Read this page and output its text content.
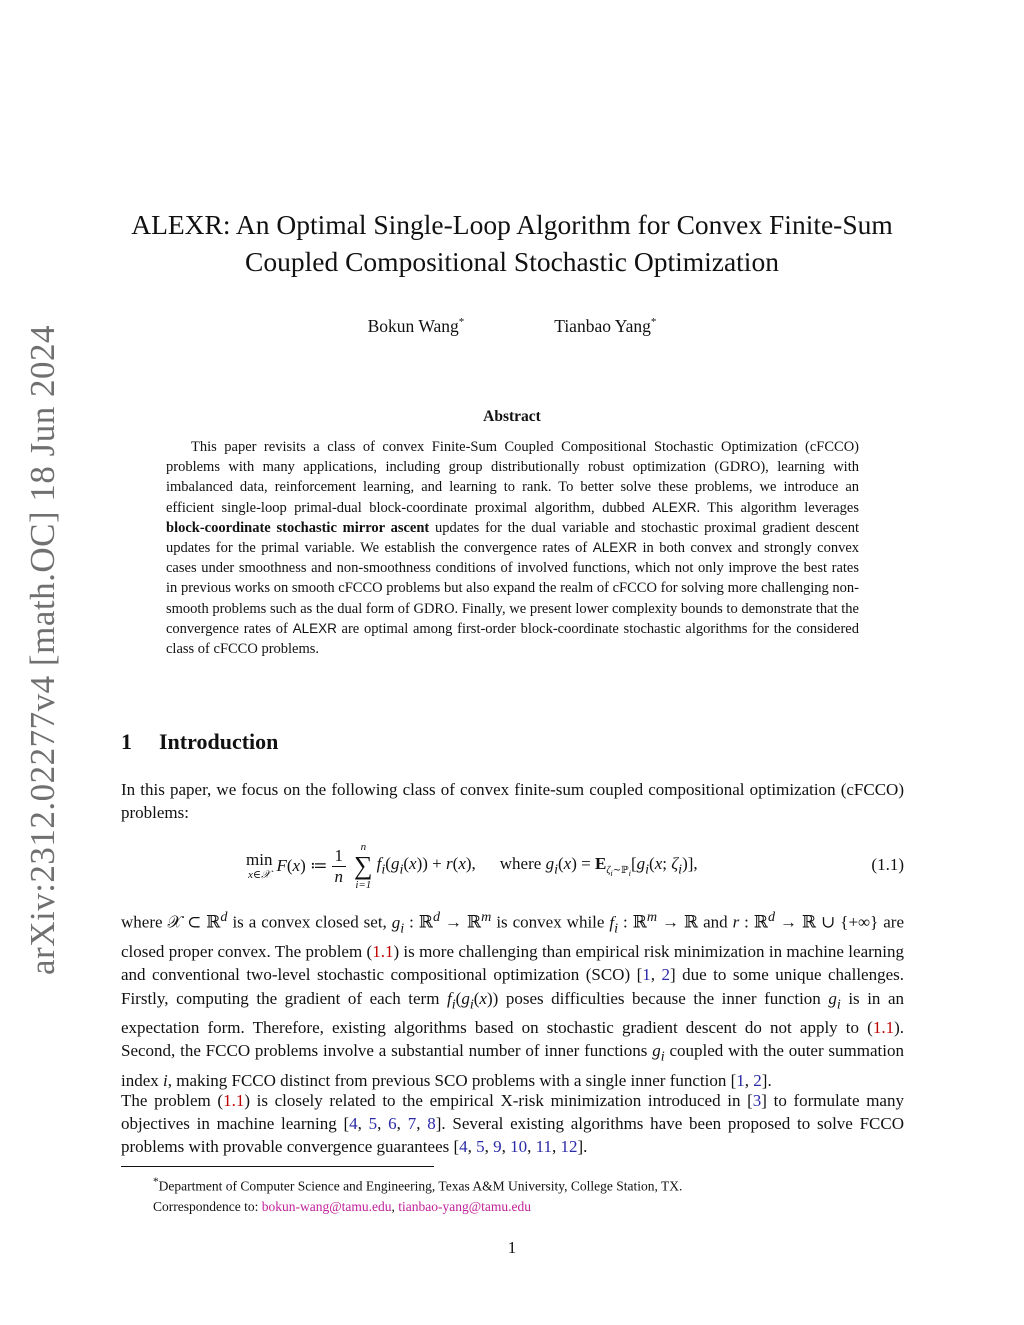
arXiv:2312.02277v4 [math.OC] 18 Jun 2024
ALEXR: An Optimal Single-Loop Algorithm for Convex Finite-Sum Coupled Compositional Stochastic Optimization
Bokun Wang*	Tianbao Yang*
Abstract

This paper revisits a class of convex Finite-Sum Coupled Compositional Stochastic Optimization (cFCCO) problems with many applications, including group distributionally robust optimization (GDRO), learning with imbalanced data, reinforcement learning, and learning to rank. To better solve these problems, we introduce an efficient single-loop primal-dual block-coordinate proximal algorithm, dubbed ALEXR. This algorithm leverages block-coordinate stochastic mirror ascent updates for the dual variable and stochastic proximal gradient descent updates for the primal variable. We establish the convergence rates of ALEXR in both convex and strongly convex cases under smoothness and non-smoothness conditions of involved functions, which not only improve the best rates in previous works on smooth cFCCO problems but also expand the realm of cFCCO for solving more challenging non-smooth problems such as the dual form of GDRO. Finally, we present lower complexity bounds to demonstrate that the convergence rates of ALEXR are optimal among first-order block-coordinate stochastic algorithms for the considered class of cFCCO problems.

1 Introduction

In this paper, we focus on the following class of convex finite-sum coupled compositional optimization (cFCCO) problems:

min
x∈𝒳 F(x) ≔ $\frac{1}{n}$ n
∑
i=1
$f_i(g_i(x)) + r(x)$, where $g_i(x) = E_{\zeta_i\sim ℙ_i}[g_i(x$; $\zeta_i$)],	(1.1)

where 𝒳 ⊂ ℝ$^d$ is a convex closed set, $g_i$ : ℝ$^d$ → ℝ$^m$ is convex while $f_i$ : ℝ$^m$ → ℝ and r : ℝ$^d$ → ℝ ∪ {+∞} are closed proper convex. The problem (1.1) is more challenging than empirical risk minimization in machine learning and conventional two-level stochastic compositional optimization (SCO) [1, 2] due to some unique challenges. Firstly, computing the gradient of each term $f_i(g_i(x))$ poses difficulties because the inner function $g_i$ is in an expectation form. Therefore, existing algorithms based on stochastic gradient descent do not apply to (1.1). Second, the FCCO problems involve a substantial number of inner functions $g_i$ coupled with the outer summation index i, making FCCO distinct from previous SCO problems with a single inner function [1, 2].

The problem (1.1) is closely related to the empirical X-risk minimization introduced in [3] to formulate many objectives in machine learning [4, 5, 6, 7, 8]. Several existing algorithms have been proposed to solve FCCO problems with provable convergence guarantees [4, 5, 9, 10, 11, 12].

*Department of Computer Science and Engineering, Texas A&M University, College Station, TX.
Correspondence to: bokun-wang@tamu.edu, tianbao-yang@tamu.edu
1
